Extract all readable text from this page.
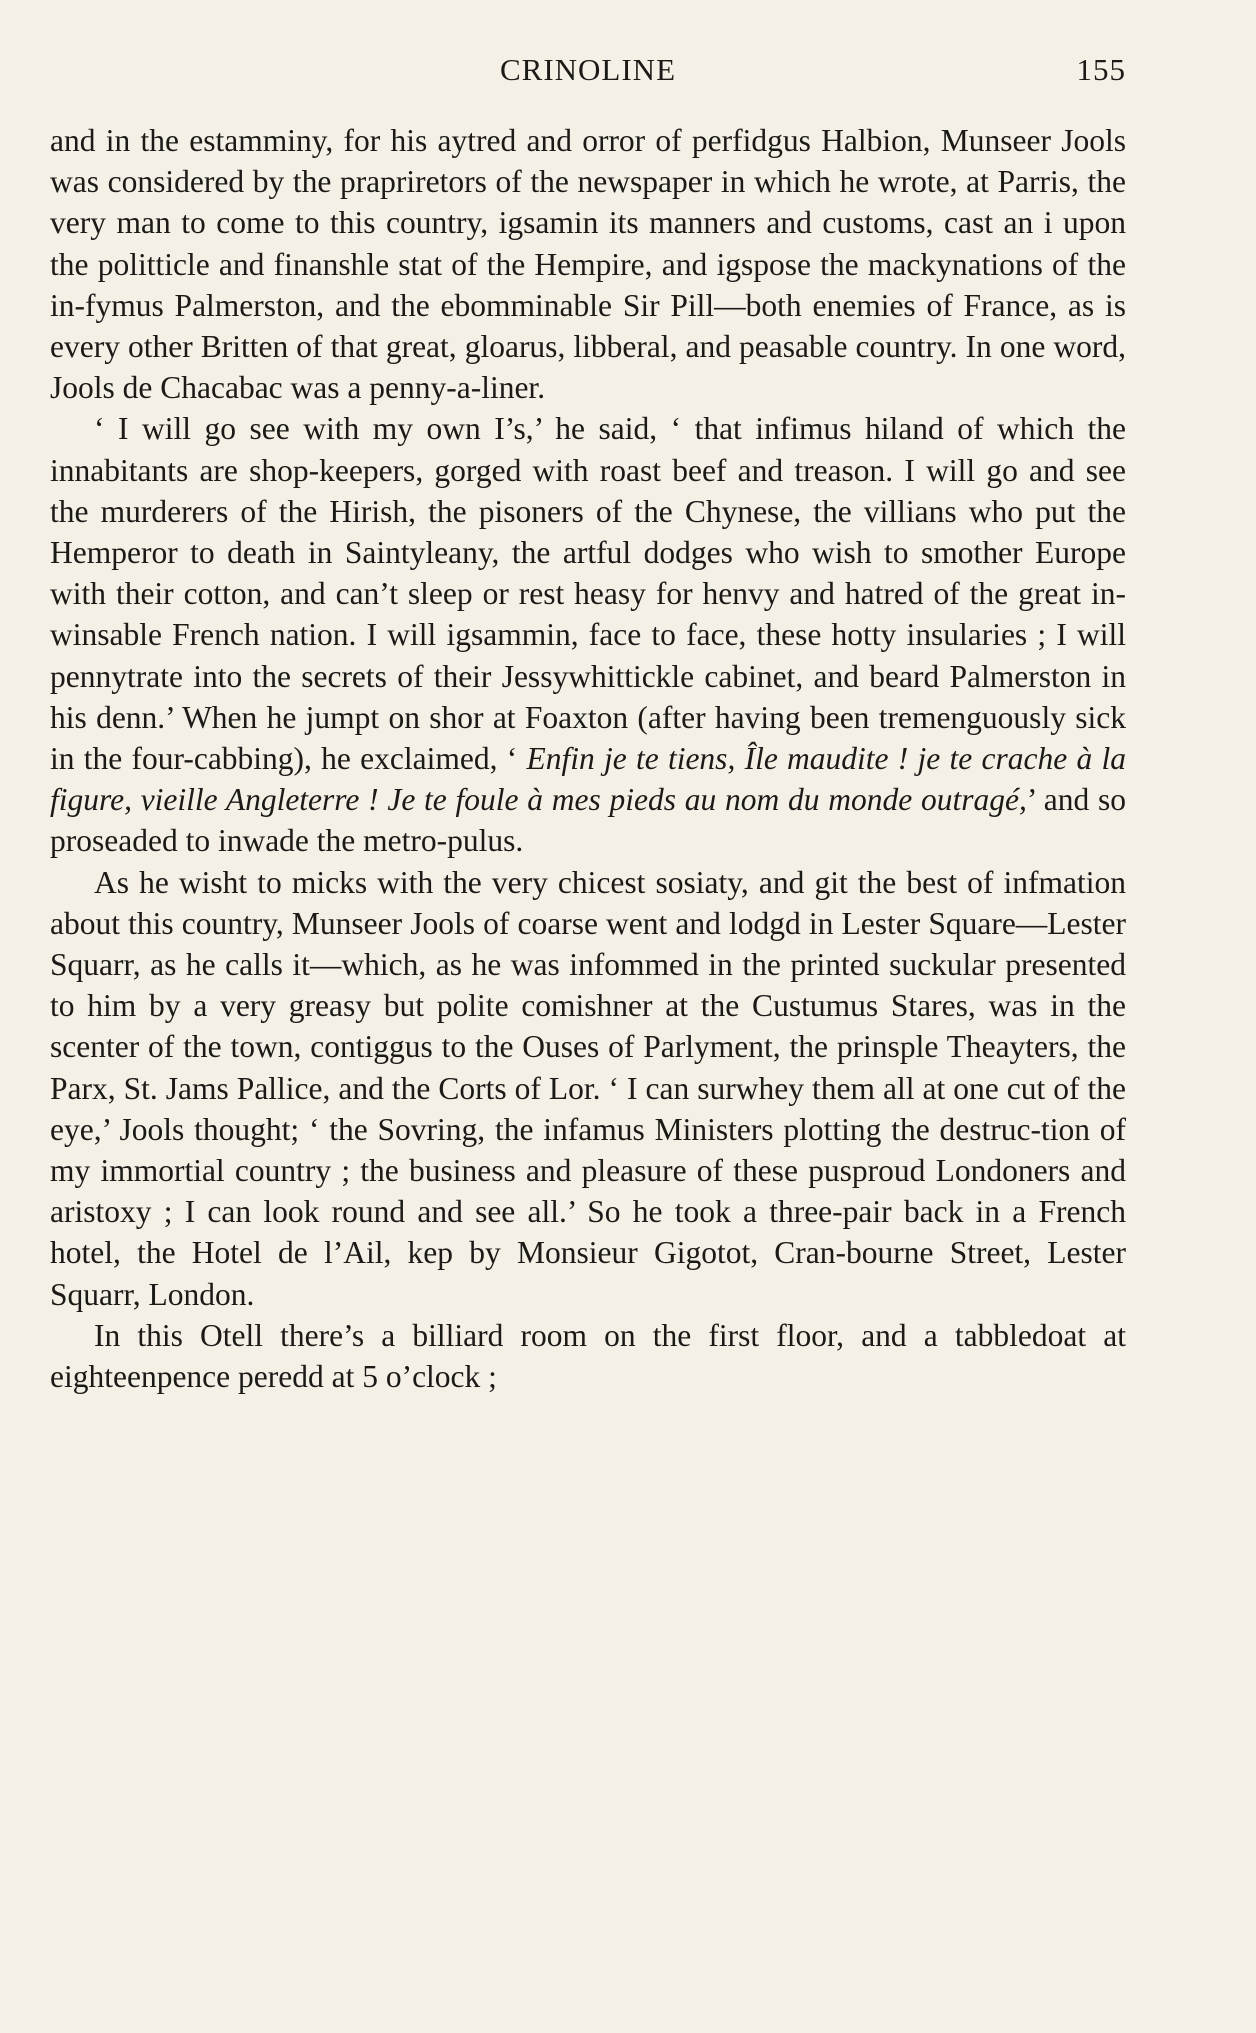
CRINOLINE	155

and in the estamminy, for his aytred and orror of perfidgus Halbion, Munseer Jools was considered by the prapriretors of the newspaper in which he wrote, at Parris, the very man to come to this country, igsamin its manners and customs, cast an i upon the politticle and finanshle stat of the Hempire, and igspose the mackynations of the in-fymus Palmerston, and the ebomminable Sir Pill—both enemies of France, as is every other Britten of that great, gloarus, libberal, and peasable country. In one word, Jools de Chacabac was a penny-a-liner.

‘ I will go see with my own I’s,’ he said, ‘ that infimus hiland of which the innabitants are shop-keepers, gorged with roast beef and treason. I will go and see the murderers of the Hirish, the pisoners of the Chynese, the villians who put the Hemperor to death in Saintyleany, the artful dodges who wish to smother Europe with their cotton, and can’t sleep or rest heasy for henvy and hatred of the great in-winsable French nation. I will igsammin, face to face, these hotty insularies ; I will pennytrate into the secrets of their Jessywhittickle cabinet, and beard Palmerston in his denn.’ When he jumpt on shor at Foaxton (after having been tremenguously sick in the four-cabbing), he exclaimed, ‘ Enfin je te tiens, Île maudite ! je te crache à la figure, vieille Angleterre ! Je te foule à mes pieds au nom du monde outragé,’ and so proseaded to inwade the metro-pulus.

As he wisht to micks with the very chicest sosiaty, and git the best of infmation about this country, Munseer Jools of coarse went and lodgd in Lester Square—Lester Squarr, as he calls it—which, as he was infommed in the printed suckular presented to him by a very greasy but polite comishner at the Custumus Stares, was in the scenter of the town, contiggus to the Ouses of Parlyment, the prinsple Theayters, the Parx, St. Jams Pallice, and the Corts of Lor. ‘ I can surwhey them all at one cut of the eye,’ Jools thought; ‘ the Sovring, the infamus Ministers plotting the destruc-tion of my immortial country ; the business and pleasure of these pusproud Londoners and aristoxy ; I can look round and see all.’ So he took a three-pair back in a French hotel, the Hotel de l’Ail, kep by Monsieur Gigotot, Cran-bourne Street, Lester Squarr, London.

In this Otell there’s a billiard room on the first floor, and a tabbledoat at eighteenpence peredd at 5 o’clock ;
